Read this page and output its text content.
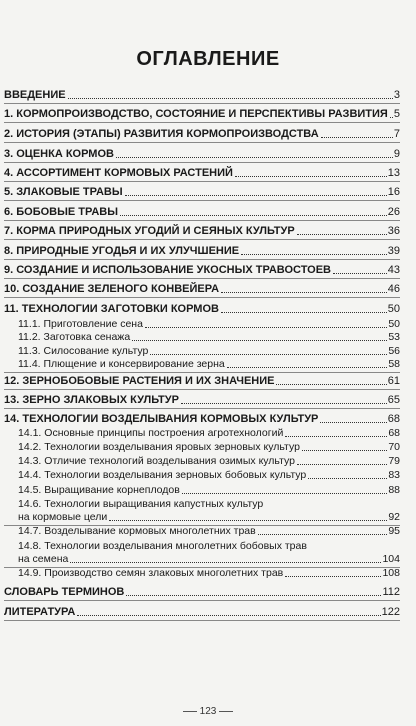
ОГЛАВЛЕНИЕ
ВВЕДЕНИЕ	3
1. КОРМОПРОИЗВОДСТВО, СОСТОЯНИЕ И ПЕРСПЕКТИВЫ РАЗВИТИЯ 5
2. ИСТОРИЯ (ЭТАПЫ) РАЗВИТИЯ КОРМОПРОИЗВОДСТВА	7
3. ОЦЕНКА КОРМОВ	9
4. АССОРТИМЕНТ КОРМОВЫХ РАСТЕНИЙ	13
5. ЗЛАКОВЫЕ ТРАВЫ	16
6. БОБОВЫЕ ТРАВЫ	26
7. КОРМА ПРИРОДНЫХ УГОДИЙ И СЕЯНЫХ КУЛЬТУР	36
8. ПРИРОДНЫЕ УГОДЬЯ И ИХ УЛУЧШЕНИЕ	39
9. СОЗДАНИЕ И ИСПОЛЬЗОВАНИЕ УКОСНЫХ ТРАВОСТОЕВ	43
10. СОЗДАНИЕ ЗЕЛЕНОГО КОНВЕЙЕРА	46
11. ТЕХНОЛОГИИ ЗАГОТОВКИ КОРМОВ	50
11.1. Приготовление сена	50
11.2. Заготовка сенажа	53
11.3. Силосование культур	56
11.4. Плющение и консервирование зерна	58
12. ЗЕРНОБОБОВЫЕ РАСТЕНИЯ И ИХ ЗНАЧЕНИЕ	61
13. ЗЕРНО ЗЛАКОВЫХ КУЛЬТУР	65
14. ТЕХНОЛОГИИ ВОЗДЕЛЫВАНИЯ КОРМОВЫХ КУЛЬТУР	68
14.1. Основные принципы построения агротехнологий	68
14.2. Технологии возделывания яровых зерновых культур	70
14.3. Отличие технологий возделывания озимых культур	79
14.4. Технологии возделывания зерновых бобовых культур	83
14.5. Выращивание корнеплодов	88
14.6. Технологии выращивания капустных культур
на кормовые цели	92
14.7. Возделывание кормовых многолетних трав	95
14.8. Технологии возделывания многолетних бобовых трав
на семена	104
14.9. Производство семян злаковых многолетних трав	108
СЛОВАРЬ ТЕРМИНОВ	112
ЛИТЕРАТУРА	122
123
